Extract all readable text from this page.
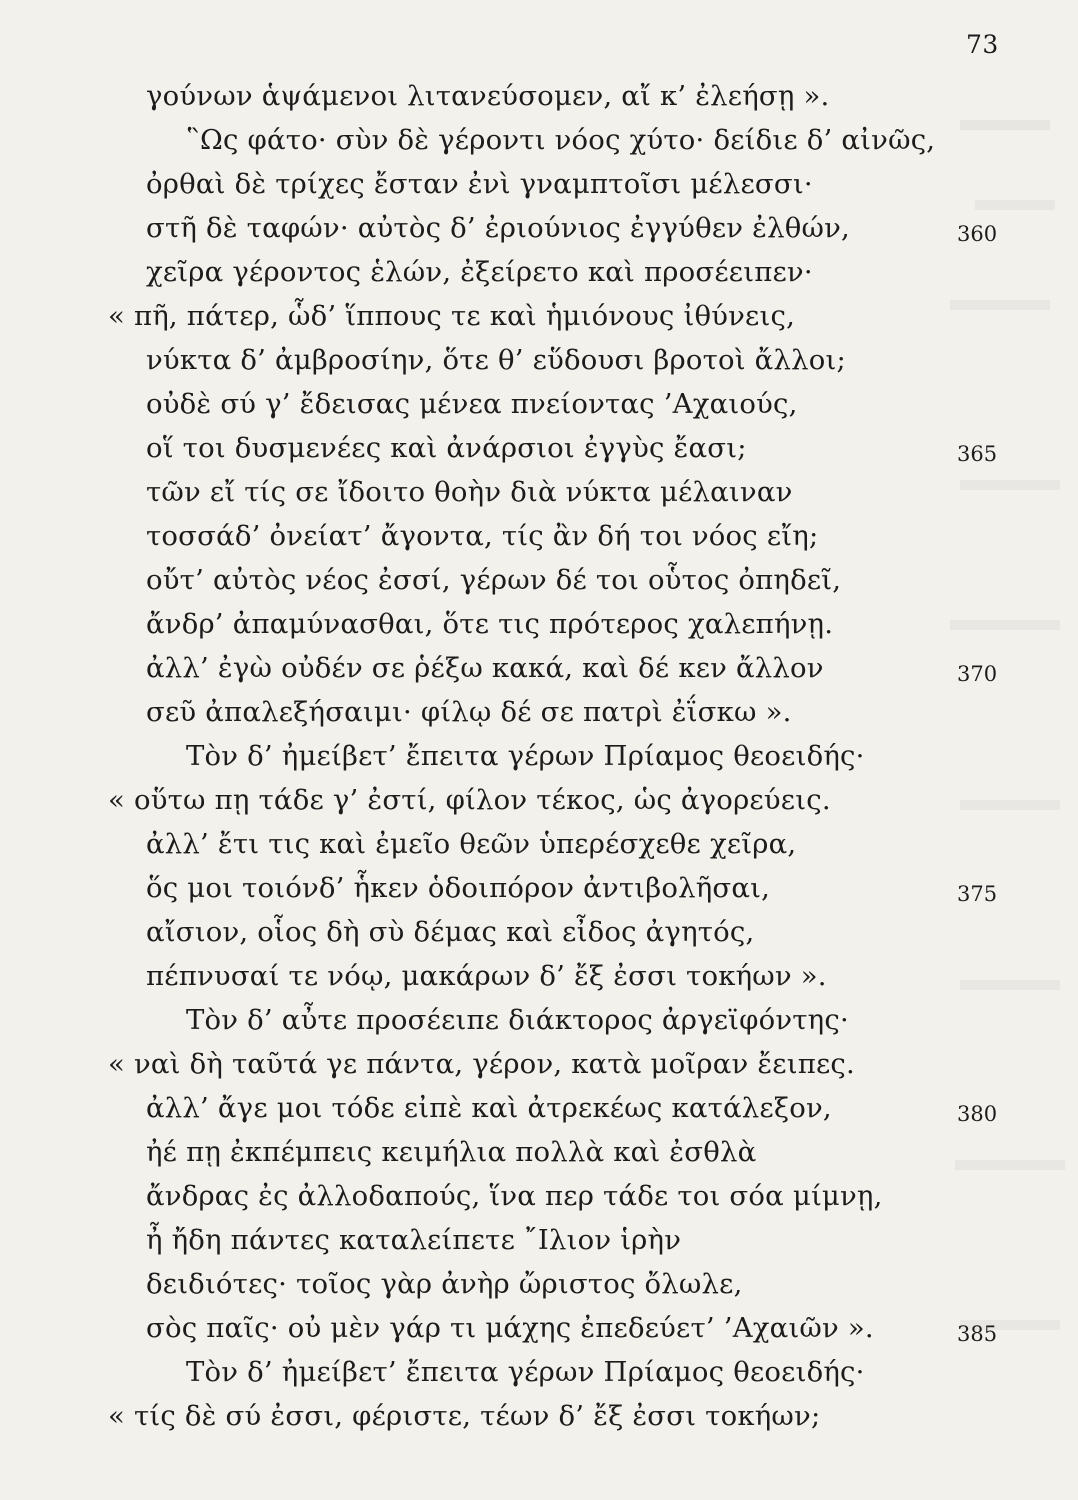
73
γούνων ἁψάμενοι λιτανεύσομεν, αἴ κ’ ἐλεήσῃ ».
῝Ως φάτο· σὺν δὲ γέροντι νόος χύτο· δείδιε δ’ αἰνῶς,
ὀρθαὶ δὲ τρίχες ἔσταν ἐνὶ γναμπτοῖσι μέλεσσι·
στῆ δὲ ταφών· αὐτὸς δ’ ἐριούνιος ἐγγύθεν ἐλθών,
χεῖρα γέροντος ἑλών, ἐξείρετο καὶ προσέειπεν·
« πῆ, πάτερ, ὧδ’ ἵππους τε καὶ ἡμιόνους ἰθύνεις,
νύκτα δ’ ἀμβροσίην, ὅτε θ’ εὕδουσι βροτοὶ ἄλλοι;
οὐδὲ σύ γ’ ἔδεισας μένεα πνείοντας ’Αχαιούς,
οἵ τοι δυσμενέες καὶ ἀνάρσιοι ἐγγὺς ἔασι;
τῶν εἴ τίς σε ἴδοιτο θοὴν διὰ νύκτα μέλαιναν
τοσσάδ’ ὀνείατ’ ἄγοντα, τίς ἂν δή τοι νόος εἴη;
οὔτ’ αὐτὸς νέος ἐσσί, γέρων δέ τοι οὗτος ὀπηδεῖ,
ἄνδρ’ ἀπαμύνασθαι, ὅτε τις πρότερος χαλεπήνῃ.
ἀλλ’ ἐγὼ οὐδέν σε ῥέξω κακά, καὶ δέ κεν ἄλλον
σεῦ ἀπαλεξήσαιμι· φίλῳ δέ σε πατρὶ ἐΐσκω ».
Τὸν δ’ ἠμείβετ’ ἔπειτα γέρων Πρίαμος θεοειδής·
« οὕτω πῃ τάδε γ’ ἐστί, φίλον τέκος, ὡς ἀγορεύεις.
ἀλλ’ ἔτι τις καὶ ἐμεῖο θεῶν ὑπερέσχεθε χεῖρα,
ὅς μοι τοιόνδ’ ἧκεν ὁδοιπόρον ἀντιβολῆσαι,
αἴσιον, οἷος δὴ σὺ δέμας καὶ εἶδος ἀγητός,
πέπνυσαί τε νόῳ, μακάρων δ’ ἔξ ἐσσι τοκήων ».
Τὸν δ’ αὖτε προσέειπε διάκτορος ἀργεϊφόντης·
« ναὶ δὴ ταῦτά γε πάντα, γέρον, κατὰ μοῖραν ἔειπες.
ἀλλ’ ἄγε μοι τόδε εἰπὲ καὶ ἀτρεκέως κατάλεξον,
ἠέ πῃ ἐκπέμπεις κειμήλια πολλὰ καὶ ἐσθλὰ
ἄνδρας ἐς ἀλλοδαπούς, ἵνα περ τάδε τοι σόα μίμνῃ,
ἦ ἤδη πάντες καταλείπετε ῎Ιλιον ἱρὴν
δειδιότες· τοῖος γὰρ ἀνὴρ ὤριστος ὄλωλε,
σὸς παῖς· οὐ μὲν γάρ τι μάχης ἐπεδεύετ’ ’Αχαιῶν ».
Τὸν δ’ ἠμείβετ’ ἔπειτα γέρων Πρίαμος θεοειδής·
« τίς δὲ σύ ἐσσι, φέριστε, τέων δ’ ἔξ ἐσσι τοκήων;
360
365
370
375
380
385
